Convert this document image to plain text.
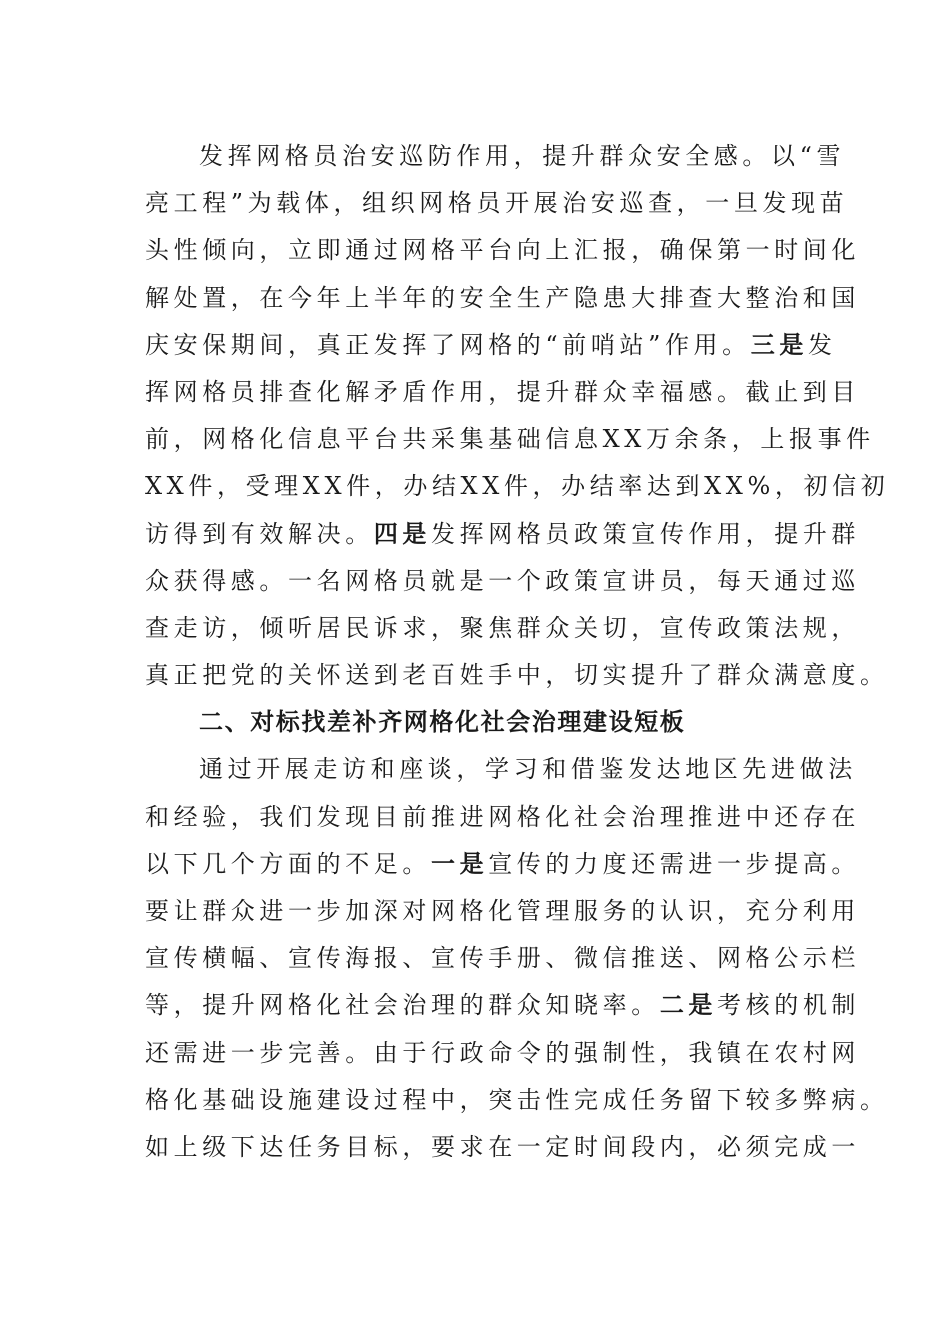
发挥网格员治安巡防作用，提升群众安全感。以“雪
亮工程”为载体，组织网格员开展治安巡查，一旦发现苗
头性倾向，立即通过网格平台向上汇报，确保第一时间化
解处置，在今年上半年的安全生产隐患大排查大整治和国
庆安保期间，真正发挥了网格的“前哨站”作用。三是发
挥网格员排查化解矛盾作用，提升群众幸福感。截止到目
前，网格化信息平台共采集基础信息XX万余条，上报事件
XX件，受理XX件，办结XX件，办结率达到XX%，初信初
访得到有效解决。四是发挥网格员政策宣传作用，提升群
众获得感。一名网格员就是一个政策宣讲员，每天通过巡
查走访，倾听居民诉求，聚焦群众关切，宣传政策法规，
真正把党的关怀送到老百姓手中，切实提升了群众满意度。
二、对标找差补齐网格化社会治理建设短板
通过开展走访和座谈，学习和借鉴发达地区先进做法
和经验，我们发现目前推进网格化社会治理推进中还存在
以下几个方面的不足。一是宣传的力度还需进一步提高。
要让群众进一步加深对网格化管理服务的认识，充分利用
宣传横幅、宣传海报、宣传手册、微信推送、网格公示栏
等，提升网格化社会治理的群众知晓率。二是考核的机制
还需进一步完善。由于行政命令的强制性，我镇在农村网
格化基础设施建设过程中，突击性完成任务留下较多弊病。
如上级下达任务目标，要求在一定时间段内，必须完成一
